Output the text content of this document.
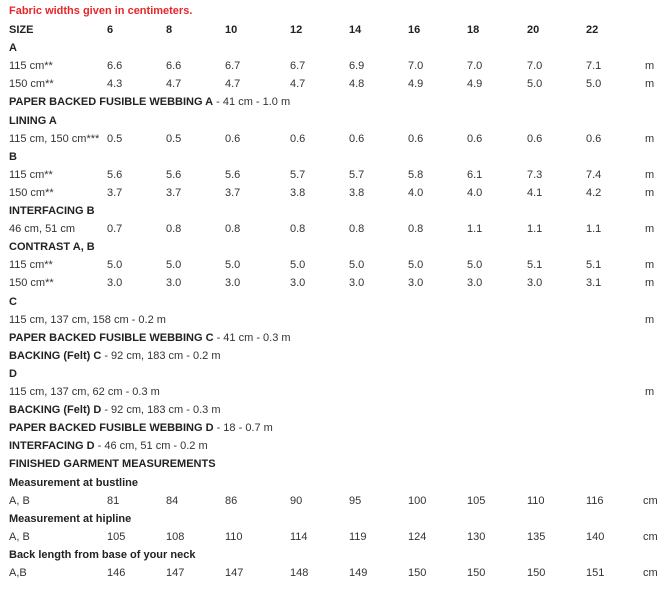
Fabric widths given in centimeters.
SIZE	6	8	10	12	14	16	18	20	22
A
115 cm**	6.6	6.6	6.7	6.7	6.9	7.0	7.0	7.0	7.1	m
150 cm**	4.3	4.7	4.7	4.7	4.8	4.9	4.9	5.0	5.0	m
PAPER BACKED FUSIBLE WEBBING A - 41 cm - 1.0 m
LINING A
115 cm, 150 cm*** 0.5	0.5	0.6	0.6	0.6	0.6	0.6	0.6	0.6	m
B
115 cm**	5.6	5.6	5.6	5.7	5.7	5.8	6.1	7.3	7.4	m
150 cm**	3.7	3.7	3.7	3.8	3.8	4.0	4.0	4.1	4.2	m
INTERFACING B
46 cm, 51 cm	0.7	0.8	0.8	0.8	0.8	0.8	1.1	1.1	1.1	m
CONTRAST A, B
115 cm**	5.0	5.0	5.0	5.0	5.0	5.0	5.0	5.1	5.1	m
150 cm**	3.0	3.0	3.0	3.0	3.0	3.0	3.0	3.0	3.1	m
C
115 cm, 137 cm, 158 cm - 0.2 m	m
PAPER BACKED FUSIBLE WEBBING C - 41 cm - 0.3 m
BACKING (Felt) C - 92 cm, 183 cm - 0.2 m
D
115 cm, 137 cm, 62 cm - 0.3 m	m
BACKING (Felt) D - 92 cm, 183 cm - 0.3 m
PAPER BACKED FUSIBLE WEBBING D - 18 - 0.7 m
INTERFACING D - 46 cm, 51 cm - 0.2 m
FINISHED GARMENT MEASUREMENTS
Measurement at bustline
A, B	81	84	86	90	95	100	105	110	116	cm
Measurement at hipline
A, B	105	108	110	114	119	124	130	135	140	cm
Back length from base of your neck
A,B	146	147	147	148	149	150	150	150	151	cm
